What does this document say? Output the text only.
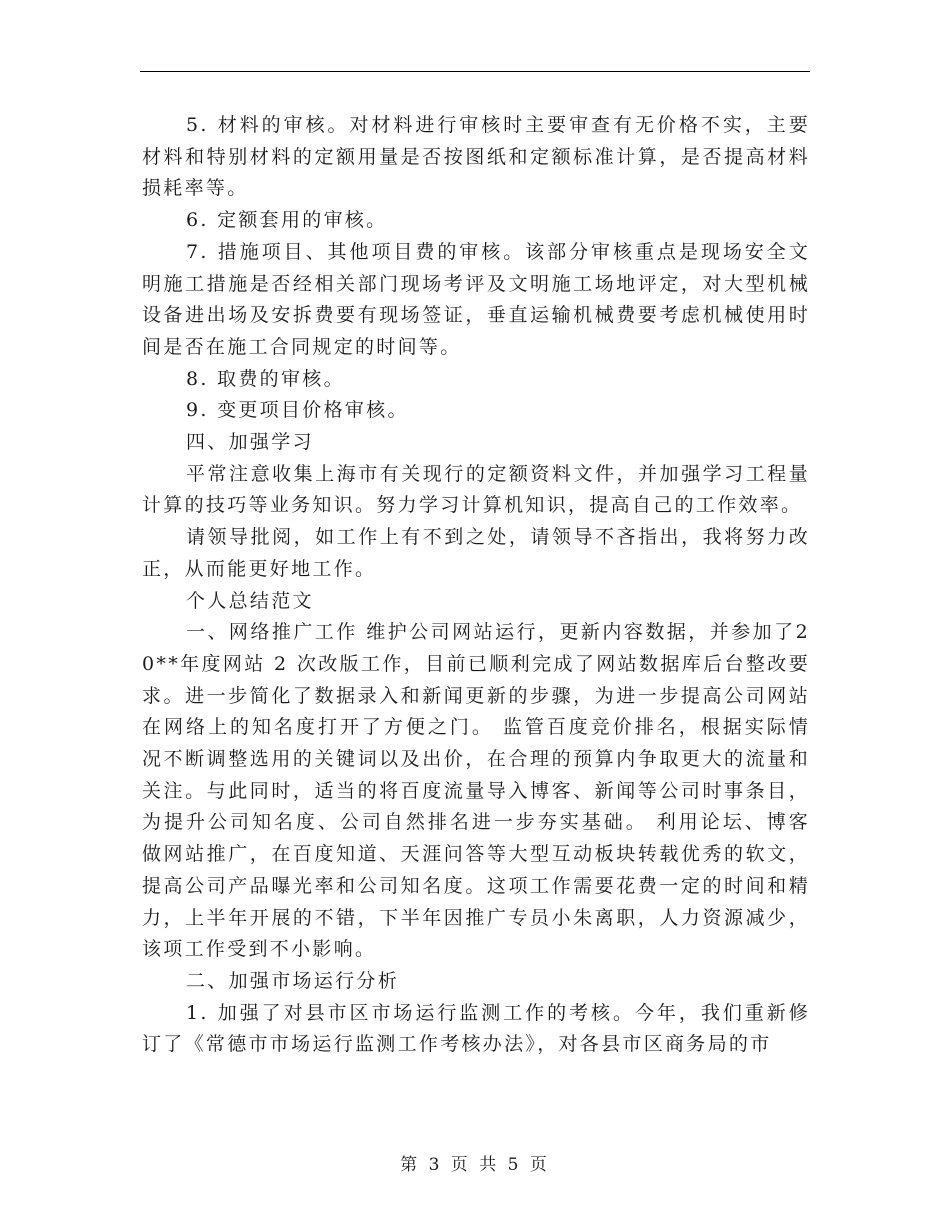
5. 材料的审核。对材料进行审核时主要审查有无价格不实，主要材料和特别材料的定额用量是否按图纸和定额标准计算，是否提高材料损耗率等。

6. 定额套用的审核。

7. 措施项目、其他项目费的审核。该部分审核重点是现场安全文明施工措施是否经相关部门现场考评及文明施工场地评定，对大型机械设备进出场及安拆费要有现场签证，垂直运输机械费要考虑机械使用时间是否在施工合同规定的时间等。

8. 取费的审核。

9. 变更项目价格审核。

四、加强学习

平常注意收集上海市有关现行的定额资料文件，并加强学习工程量计算的技巧等业务知识。努力学习计算机知识，提高自己的工作效率。

请领导批阅，如工作上有不到之处，请领导不吝指出，我将努力改正，从而能更好地工作。

个人总结范文

一、网络推广工作 维护公司网站运行，更新内容数据，并参加了20**年度网站 2 次改版工作，目前已顺利完成了网站数据库后台整改要求。进一步简化了数据录入和新闻更新的步骤，为进一步提高公司网站在网络上的知名度打开了方便之门。 监管百度竞价排名，根据实际情况不断调整选用的关键词以及出价，在合理的预算内争取更大的流量和关注。与此同时，适当的将百度流量导入博客、新闻等公司时事条目，为提升公司知名度、公司自然排名进一步夯实基础。 利用论坛、博客做网站推广，在百度知道、天涯问答等大型互动板块转载优秀的软文，提高公司产品曝光率和公司知名度。这项工作需要花费一定的时间和精力，上半年开展的不错，下半年因推广专员小朱离职，人力资源减少，该项工作受到不小影响。

二、加强市场运行分析

1. 加强了对县市区市场运行监测工作的考核。今年，我们重新修订了《常德市市场运行监测工作考核办法》，对各县市区商务局的市

第 3 页 共 5 页
